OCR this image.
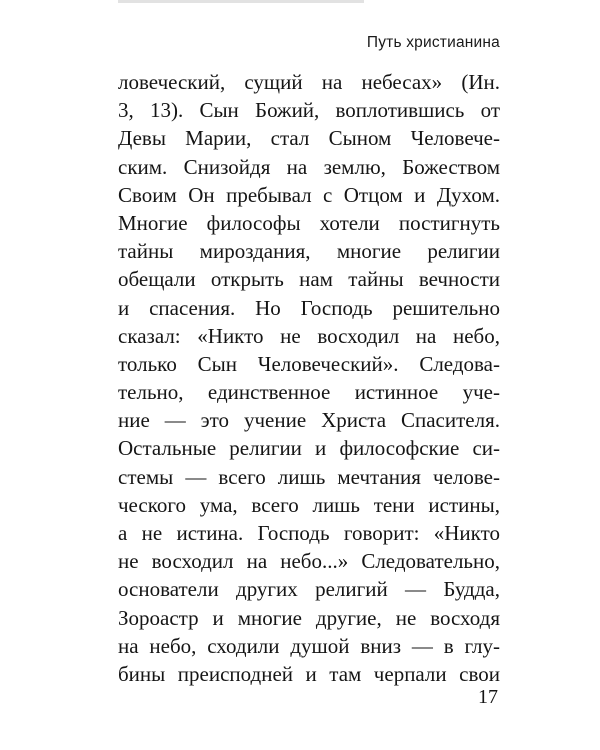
Путь христианина
ловеческий, сущий на небесах» (Ин.
3, 13). Сын Божий, воплотившись от
Девы Марии, стал Сыном Человече-
ским. Снизойдя на землю, Божеством
Своим Он пребывал с Отцом и Духом.
Многие философы хотели постигнуть
тайны мироздания, многие религии
обещали открыть нам тайны вечности
и спасения. Но Господь решительно
сказал: «Никто не восходил на небо,
только Сын Человеческий». Следова-
тельно, единственное истинное уче-
ние — это учение Христа Спасителя.
Остальные религии и философские си-
стемы — всего лишь мечтания челове-
ческого ума, всего лишь тени истины,
а не истина. Господь говорит: «Никто
не восходил на небо...» Следовательно,
основатели других религий — Будда,
Зороастр и многие другие, не восходя
на небо, сходили душой вниз — в глу-
бины преисподней и там черпали свои
17
